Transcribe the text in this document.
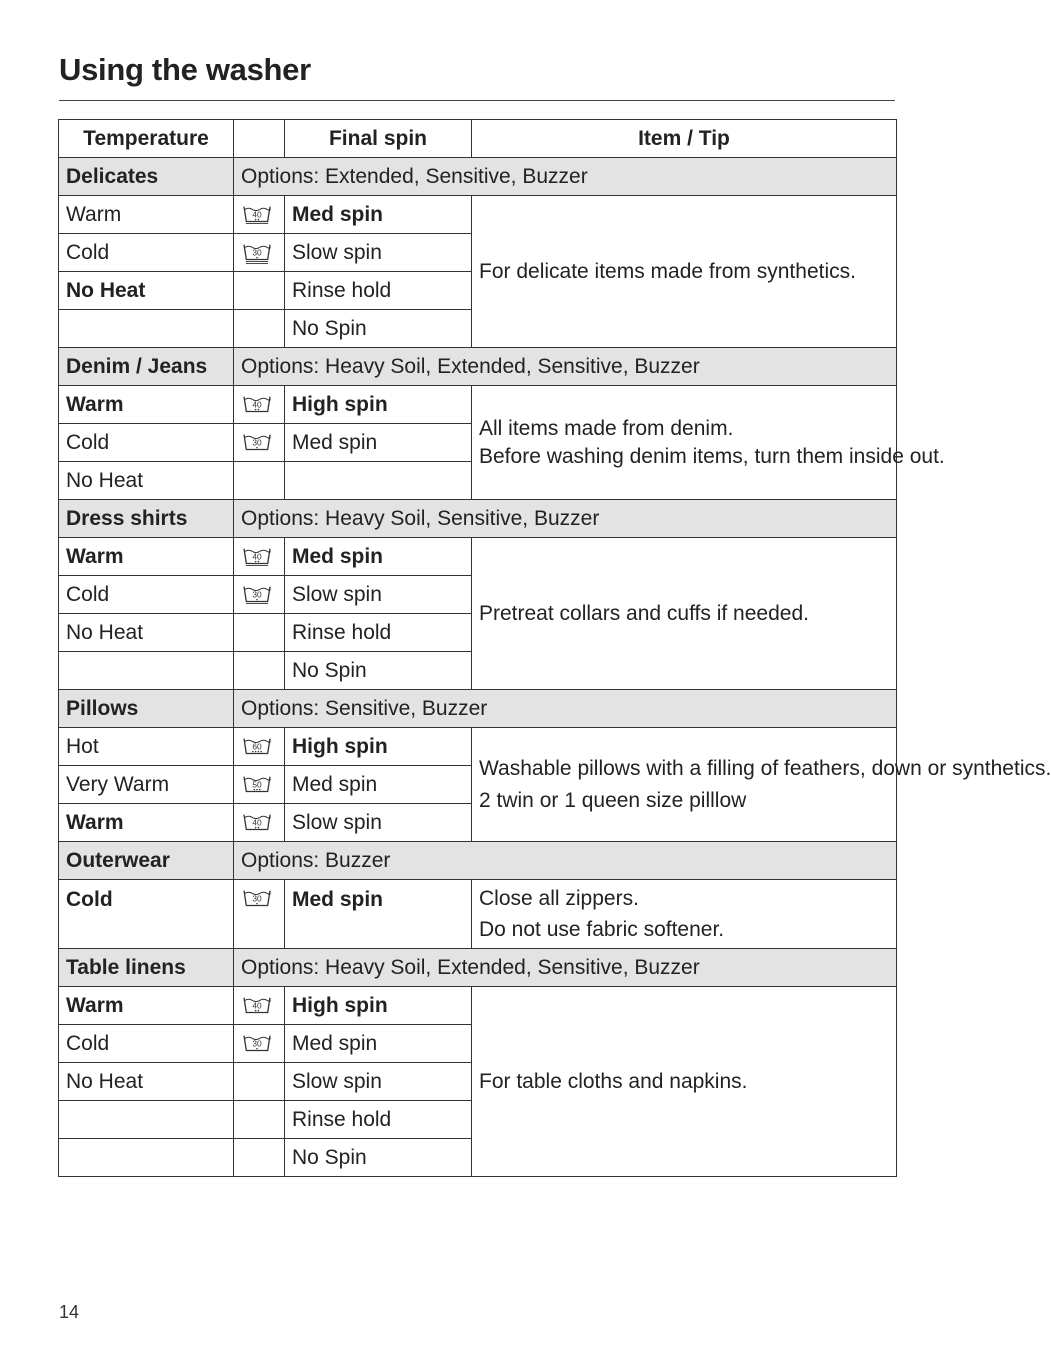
Using the washer
Temperature		Final spin	Item / Tip
Delicates	Options: Extended, Sensitive, Buzzer		
Warm	40	Med spin	For delicate items made from synthetics.

Cold	30	Slow spin	
No Heat		Rinse hold	
		No Spin	
Denim / Jeans	Options: Heavy Soil, Extended, Sensitive, Buzzer		
Warm	40	High spin	All items made from denim.
Before washing denim items, turn them inside out.

Cold	30	Med spin	
No Heat			
Dress shirts	Options: Heavy Soil, Sensitive, Buzzer		
Warm	40	Med spin	Pretreat collars and cuffs if needed.

Cold	30	Slow spin	
No Heat		Rinse hold	
		No Spin	
Pillows	Options: Sensitive, Buzzer		
Hot	60	High spin	Washable pillows with a filling of feathers, down or synthetics.
2 twin or 1 queen size pilllow

Very Warm	50	Med spin	
Warm	40	Slow spin	
Outerwear	Options: Buzzer		
Cold	30	Med spin	Close all zippers.
Do not use fabric softener.

Table linens	Options: Heavy Soil, Extended, Sensitive, Buzzer		
Warm	40	High spin	For table cloths and napkins.

Cold	30	Med spin	
No Heat		Slow spin	
		Rinse hold	
		No Spin	
14
